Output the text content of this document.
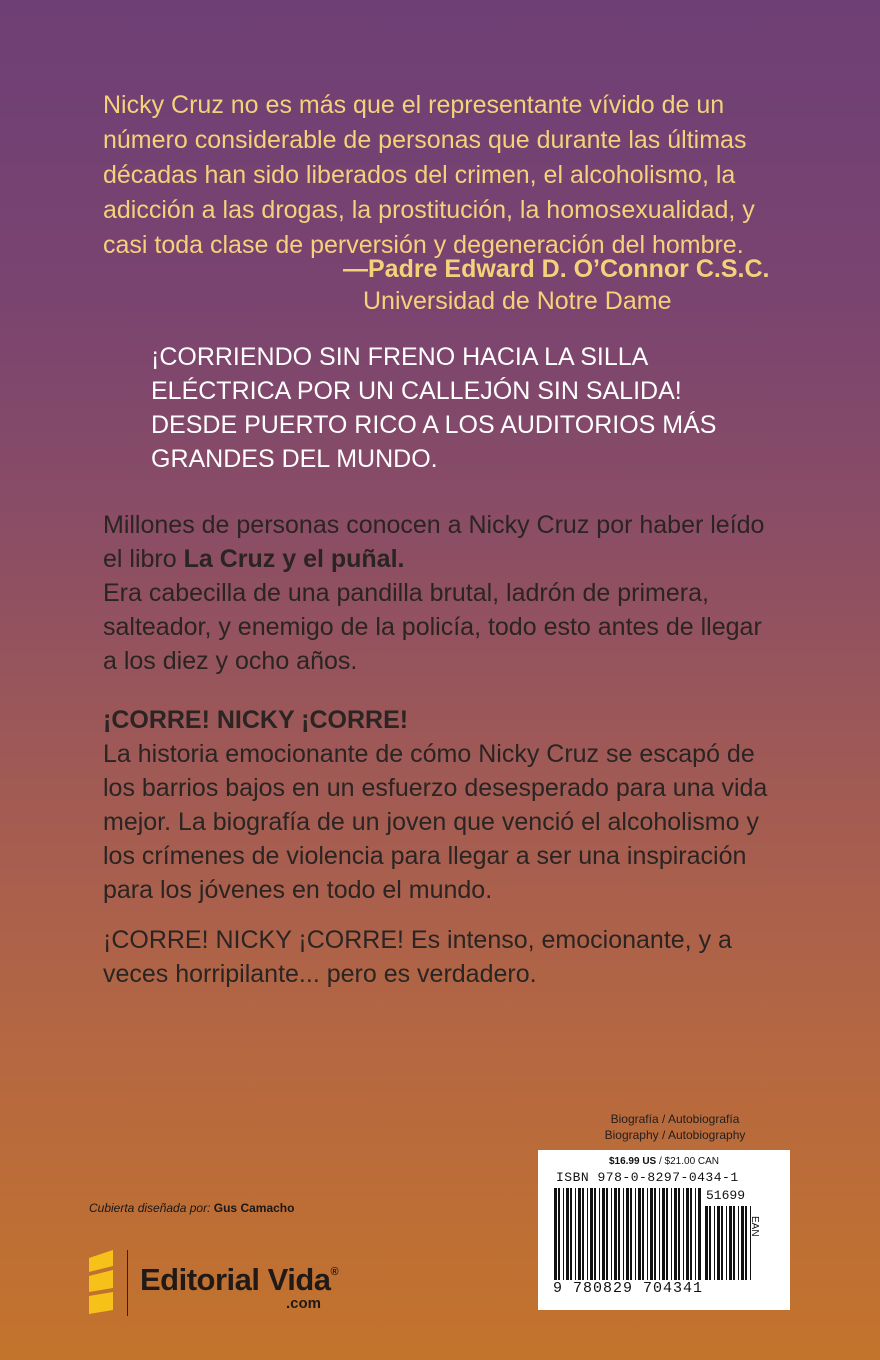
Nicky Cruz no es más que el representante vívido de un
número considerable de personas que durante las últimas
décadas han sido liberados del crimen, el alcoholismo, la
adicción a las drogas, la prostitución, la homosexualidad, y
casi toda clase de perversión y degeneración del hombre.
—Padre Edward D. O’Connor C.S.C.
Universidad de Notre Dame
¡CORRIENDO SIN FRENO HACIA LA SILLA
ELÉCTRICA POR UN CALLEJÓN SIN SALIDA!
DESDE PUERTO RICO A LOS AUDITORIOS MÁS
GRANDES DEL MUNDO.
Millones de personas conocen a Nicky Cruz por haber leído
el libro La Cruz y el puñal.
Era cabecilla de una pandilla brutal, ladrón de primera,
salteador, y enemigo de la policía, todo esto antes de llegar
a los diez y ocho años.
¡CORRE! NICKY ¡CORRE!
La historia emocionante de cómo Nicky Cruz se escapó de
los barrios bajos en un esfuerzo desesperado para una vida
mejor. La biografía de un joven que venció el alcoholismo y
los crímenes de violencia para llegar a ser una inspiración
para los jóvenes en todo el mundo.
¡CORRE! NICKY ¡CORRE! Es intenso, emocionante, y a
veces horripilante... pero es verdadero.
Biografía / Autobiografía
Biography / Autobiography
$16.99 US / $21.00 CAN
ISBN 978-0-8297-0434-1
51699
EAN
9 780829 704341
Cubierta diseñada por: Gus Camacho
Editorial Vida®
.com
